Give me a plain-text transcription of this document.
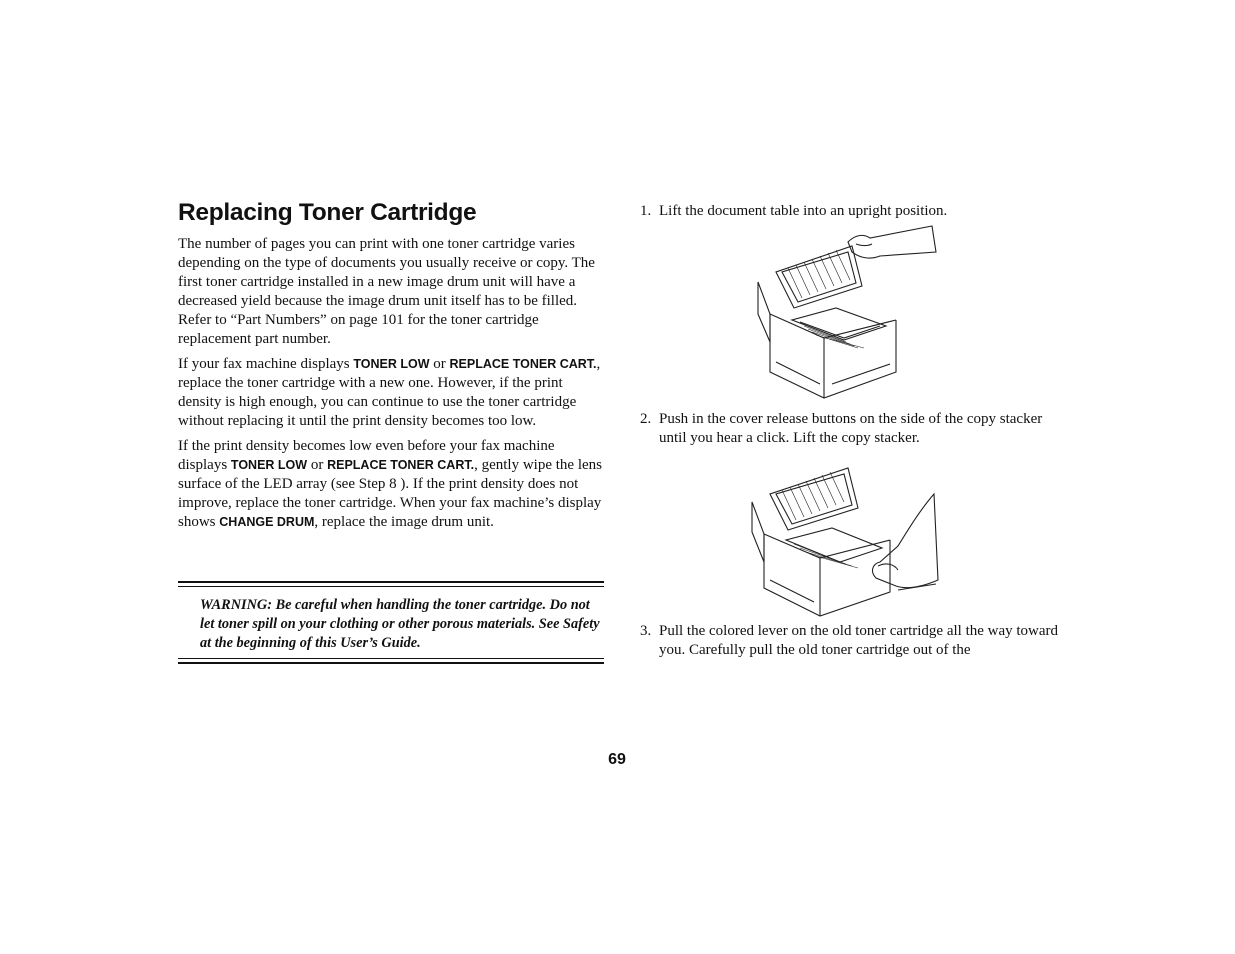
Replacing Toner Cartridge

The number of pages you can print with one toner cartridge varies depending on the type of documents you usually receive or copy. The first toner cartridge installed in a new image drum unit will have a decreased yield because the image drum unit itself has to be filled. Refer to “Part Numbers” on page 101 for the toner cartridge replacement part number.

If your fax machine displays TONER LOW or REPLACE TONER CART., replace the toner cartridge with a new one. However, if the print density is high enough, you can continue to use the toner cartridge without replacing it until the print density becomes too low.

If the print density becomes low even before your fax machine displays TONER LOW or REPLACE TONER CART., gently wipe the lens surface of the LED array (see Step 8 ). If the print density does not improve, replace the toner cartridge. When your fax machine’s display shows CHANGE DRUM, replace the image drum unit.

WARNING: Be careful when handling the toner cartridge. Do not let toner spill on your clothing or other porous materials. See Safety at the beginning of this User’s Guide.
1. Lift the document table into an upright position.
2. Push in the cover release buttons on the side of the copy stacker until you hear a click. Lift the copy stacker.
3. Pull the colored lever on the old toner cartridge all the way toward you. Carefully pull the old toner cartridge out of the
69
